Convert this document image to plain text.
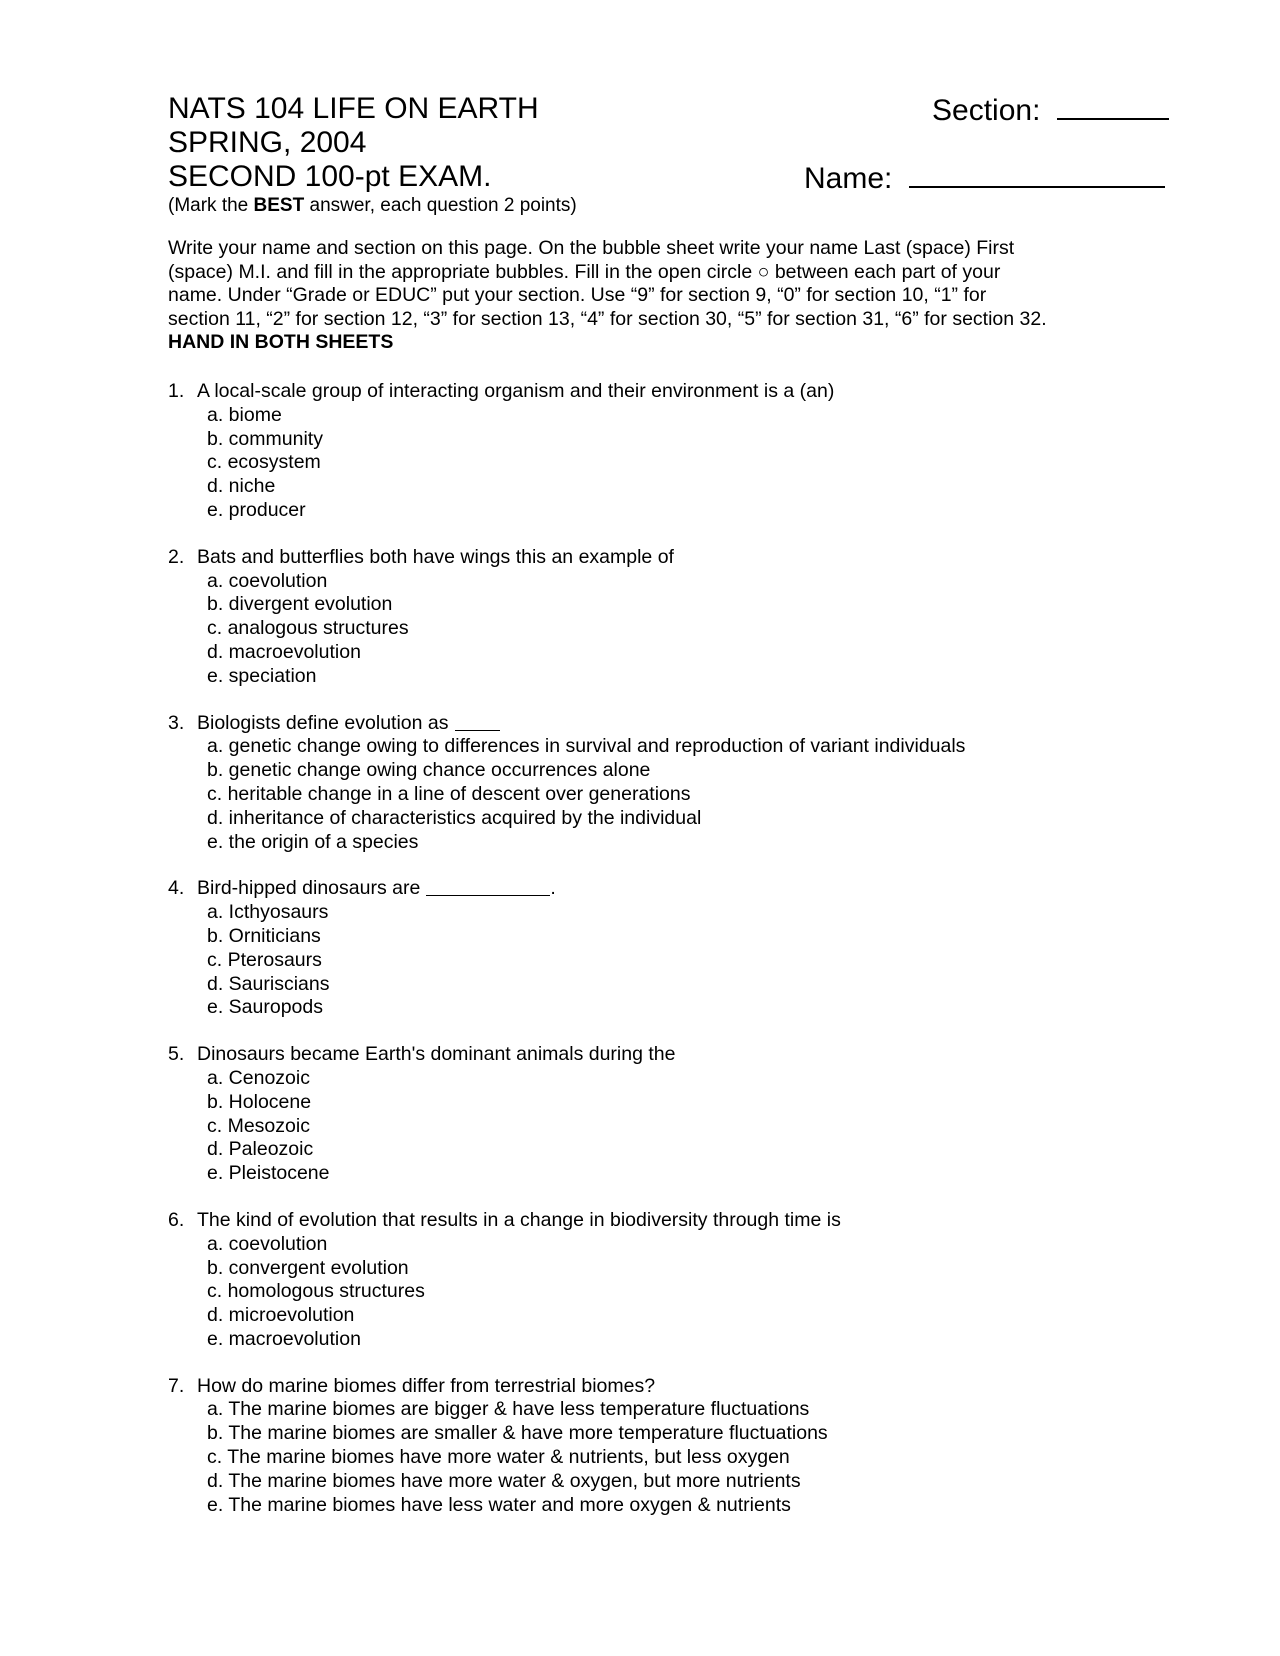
NATS 104 LIFE ON EARTH
SPRING, 2004
SECOND 100-pt EXAM.
Section:
Name:
(Mark the BEST answer, each question 2 points)
Write your name and section on this page. On the bubble sheet write your name Last (space) First
(space) M.I. and fill in the appropriate bubbles. Fill in the open circle ○ between each part of your
name. Under “Grade or EDUC” put your section. Use “9” for section 9, “0” for section 10, “1” for
section 11, “2” for section 12, “3” for section 13, “4” for section 30, “5” for section 31, “6” for section 32.
HAND IN BOTH SHEETS
1. A local-scale group of interacting organism and their environment is a (an)
a. biome
b. community
c. ecosystem
d. niche
e. producer
2. Bats and butterflies both have wings this an example of
a. coevolution
b. divergent evolution
c. analogous structures
d. macroevolution
e. speciation
3. Biologists define evolution as
a. genetic change owing to differences in survival and reproduction of variant individuals
b. genetic change owing chance occurrences alone
c. heritable change in a line of descent over generations
d. inheritance of characteristics acquired by the individual
e. the origin of a species
4. Bird-hipped dinosaurs are	.
a. Icthyosaurs
b. Orniticians
c. Pterosaurs
d. Sauriscians
e. Sauropods
5. Dinosaurs became Earth's dominant animals during the
a. Cenozoic
b. Holocene
c. Mesozoic
d. Paleozoic
e. Pleistocene
6. The kind of evolution that results in a change in biodiversity through time is
a. coevolution
b. convergent evolution
c. homologous structures
d. microevolution
e. macroevolution
7. How do marine biomes differ from terrestrial biomes?
a. The marine biomes are bigger & have less temperature fluctuations
b. The marine biomes are smaller & have more temperature fluctuations
c. The marine biomes have more water & nutrients, but less oxygen
d. The marine biomes have more water & oxygen, but more nutrients
e. The marine biomes have less water and more oxygen & nutrients
